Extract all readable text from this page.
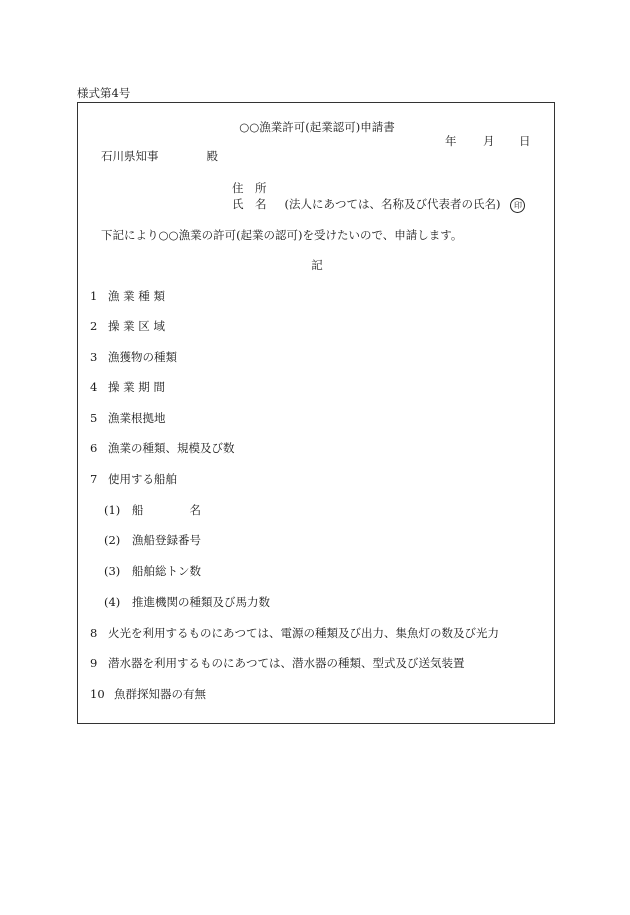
様式第4号
○○漁業許可(起業認可)申請書
年 月 日
石川県知事	殿
住　所
氏　名 (法人にあつては、名称及び代表者の氏名) 印
下記により○○漁業の許可(起業の認可)を受けたいので、申請します。
記
1 漁 業 種 類
2 操 業 区 域
3 漁獲物の種類
4 操 業 期 間
5 漁業根拠地
6 漁業の種類、規模及び数
7 使用する船舶
(1) 船　　　　名
(2) 漁船登録番号
(3) 船舶総トン数
(4) 推進機関の種類及び馬力数
8 火光を利用するものにあつては、電源の種類及び出力、集魚灯の数及び光力
9 潜水器を利用するものにあつては、潜水器の種類、型式及び送気装置
10 魚群探知器の有無
